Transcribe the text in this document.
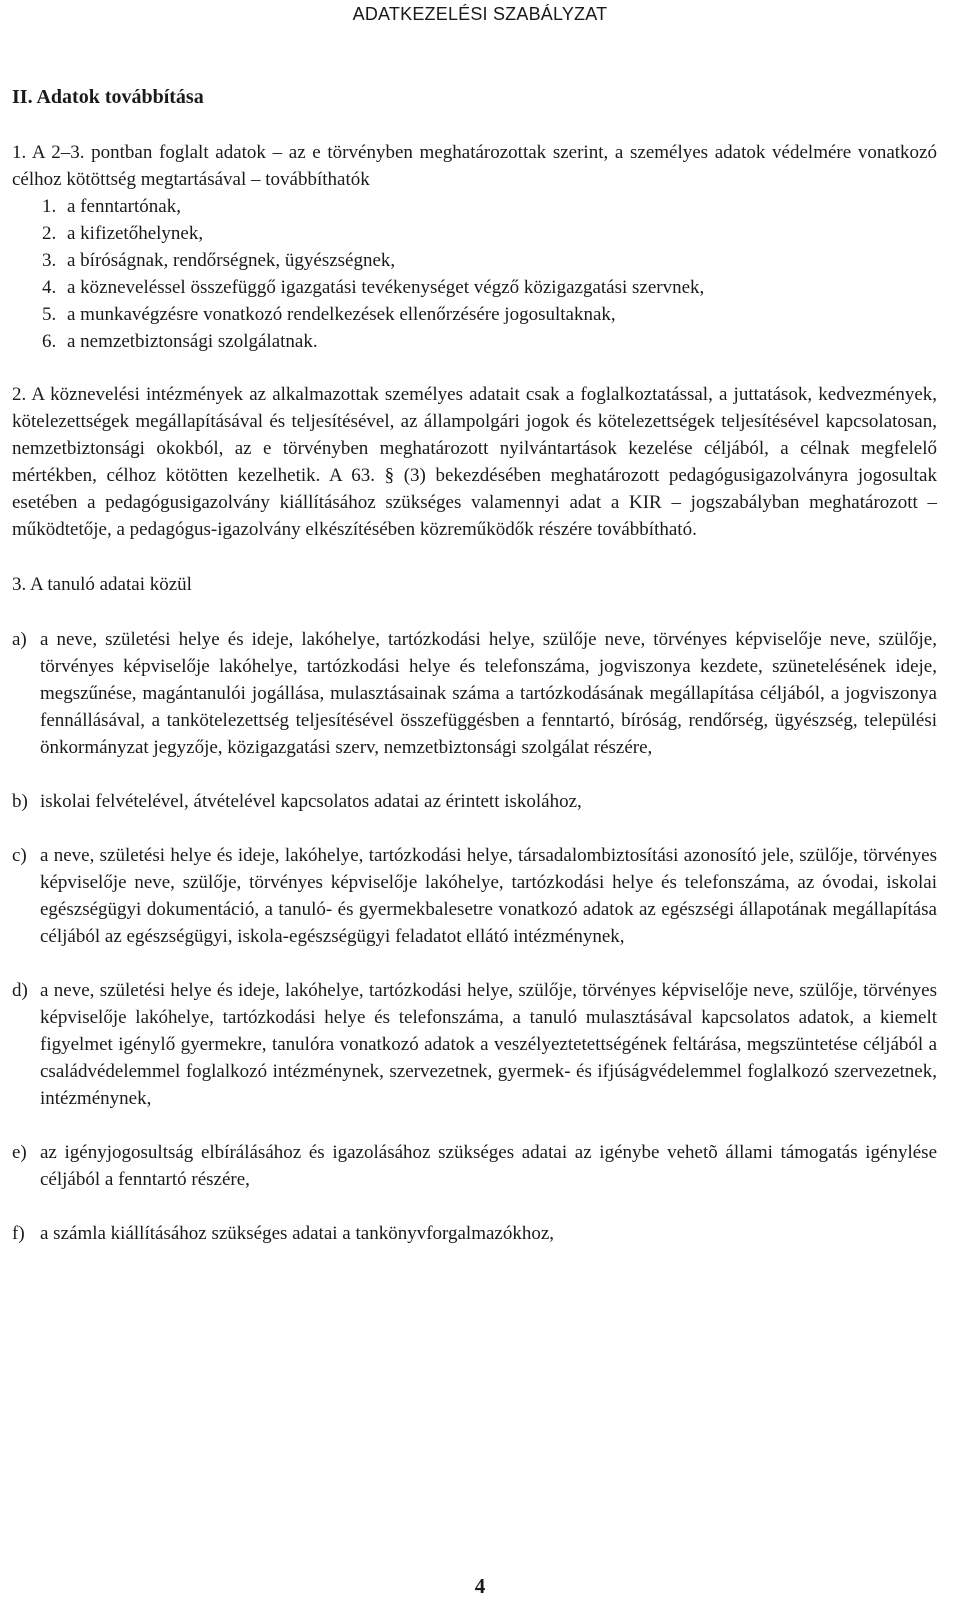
ADATKEZELÉSI SZABÁLYZAT

II. Adatok továbbítása

1. A 2–3. pontban foglalt adatok – az e törvényben meghatározottak szerint, a személyes adatok védelmére vonatkozó célhoz kötöttség megtartásával – továbbíthatók

1. a fenntartónak,
2. a kifizetőhelynek,
3. a bíróságnak, rendőrségnek, ügyészségnek,
4. a közneveléssel összefüggő igazgatási tevékenységet végző közigazgatási szervnek,
5. a munkavégzésre vonatkozó rendelkezések ellenőrzésére jogosultaknak,
6. a nemzetbiztonsági szolgálatnak.

2. A köznevelési intézmények az alkalmazottak személyes adatait csak a foglalkoztatással, a juttatások, kedvezmények, kötelezettségek megállapításával és teljesítésével, az állampolgári jogok és kötelezettségek teljesítésével kapcsolatosan, nemzetbiztonsági okokból, az e törvényben meghatározott nyilvántartások kezelése céljából, a célnak megfelelő mértékben, célhoz kötötten kezelhetik. A 63. § (3) bekezdésében meghatározott pedagógusigazolványra jogosultak esetében a pedagógusigazolvány kiállításához szükséges valamennyi adat a KIR – jogszabályban meghatározott – működtetője, a pedagógus-igazolvány elkészítésében közreműködők részére továbbítható.

3. A tanuló adatai közül

a) a neve, születési helye és ideje, lakóhelye, tartózkodási helye, szülője neve, törvényes képviselője neve, szülője, törvényes képviselője lakóhelye, tartózkodási helye és telefonszáma, jogviszonya kezdete, szünetelésének ideje, megszűnése, magántanulói jogállása, mulasztásainak száma a tartózkodásának megállapítása céljából, a jogviszonya fennállásával, a tankötelezettség teljesítésével összefüggésben a fenntartó, bíróság, rendőrség, ügyészség, települési önkormányzat jegyzője, közigazgatási szerv, nemzetbiztonsági szolgálat részére,
b) iskolai felvételével, átvételével kapcsolatos adatai az érintett iskolához,
c) a neve, születési helye és ideje, lakóhelye, tartózkodási helye, társadalombiztosítási azonosító jele, szülője, törvényes képviselője neve, szülője, törvényes képviselője lakóhelye, tartózkodási helye és telefonszáma, az óvodai, iskolai egészségügyi dokumentáció, a tanuló- és gyermekbalesetre vonatkozó adatok az egészségi állapotának megállapítása céljából az egészségügyi, iskola-egészségügyi feladatot ellátó intézménynek,
d) a neve, születési helye és ideje, lakóhelye, tartózkodási helye, szülője, törvényes képviselője neve, szülője, törvényes képviselője lakóhelye, tartózkodási helye és telefonszáma, a tanuló mulasztásával kapcsolatos adatok, a kiemelt figyelmet igénylő gyermekre, tanulóra vonatkozó adatok a veszélyeztetettségének feltárása, megszüntetése céljából a családvédelemmel foglalkozó intézménynek, szervezetnek, gyermek- és ifjúságvédelemmel foglalkozó szervezetnek, intézménynek,
e) az igényjogosultság elbírálásához és igazolásához szükséges adatai az igénybe vehetõ állami támogatás igénylése céljából a fenntartó részére,
f) a számla kiállításához szükséges adatai a tankönyvforgalmazókhoz,
4
